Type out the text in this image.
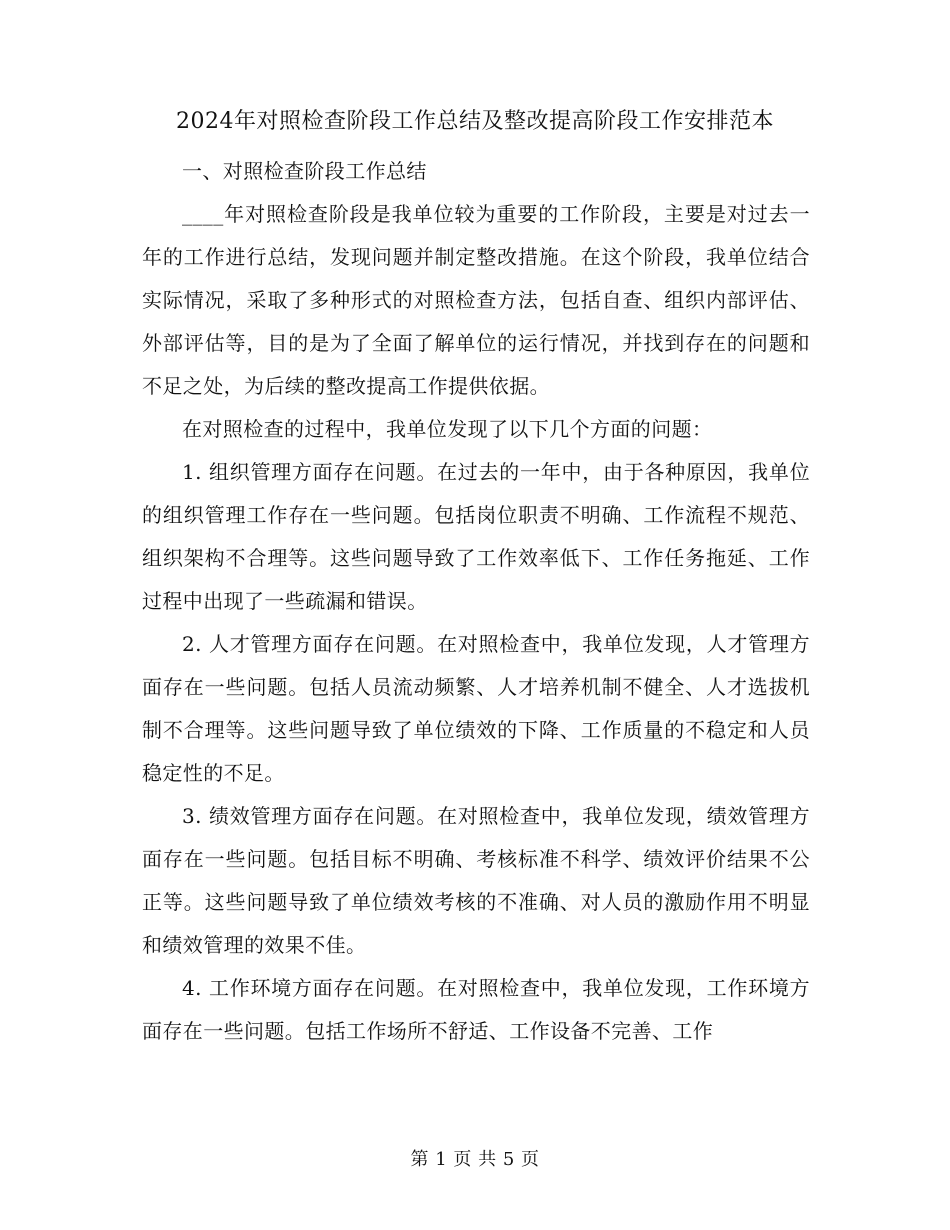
2024年对照检查阶段工作总结及整改提高阶段工作安排范本

一、对照检查阶段工作总结

____年对照检查阶段是我单位较为重要的工作阶段，主要是对过去一年的工作进行总结，发现问题并制定整改措施。在这个阶段，我单位结合实际情况，采取了多种形式的对照检查方法，包括自查、组织内部评估、外部评估等，目的是为了全面了解单位的运行情况，并找到存在的问题和不足之处，为后续的整改提高工作提供依据。

在对照检查的过程中，我单位发现了以下几个方面的问题：

1. 组织管理方面存在问题。在过去的一年中，由于各种原因，我单位的组织管理工作存在一些问题。包括岗位职责不明确、工作流程不规范、组织架构不合理等。这些问题导致了工作效率低下、工作任务拖延、工作过程中出现了一些疏漏和错误。

2. 人才管理方面存在问题。在对照检查中，我单位发现，人才管理方面存在一些问题。包括人员流动频繁、人才培养机制不健全、人才选拔机制不合理等。这些问题导致了单位绩效的下降、工作质量的不稳定和人员稳定性的不足。

3. 绩效管理方面存在问题。在对照检查中，我单位发现，绩效管理方面存在一些问题。包括目标不明确、考核标准不科学、绩效评价结果不公正等。这些问题导致了单位绩效考核的不准确、对人员的激励作用不明显和绩效管理的效果不佳。

4. 工作环境方面存在问题。在对照检查中，我单位发现，工作环境方面存在一些问题。包括工作场所不舒适、工作设备不完善、工作

第 1 页 共 5 页
